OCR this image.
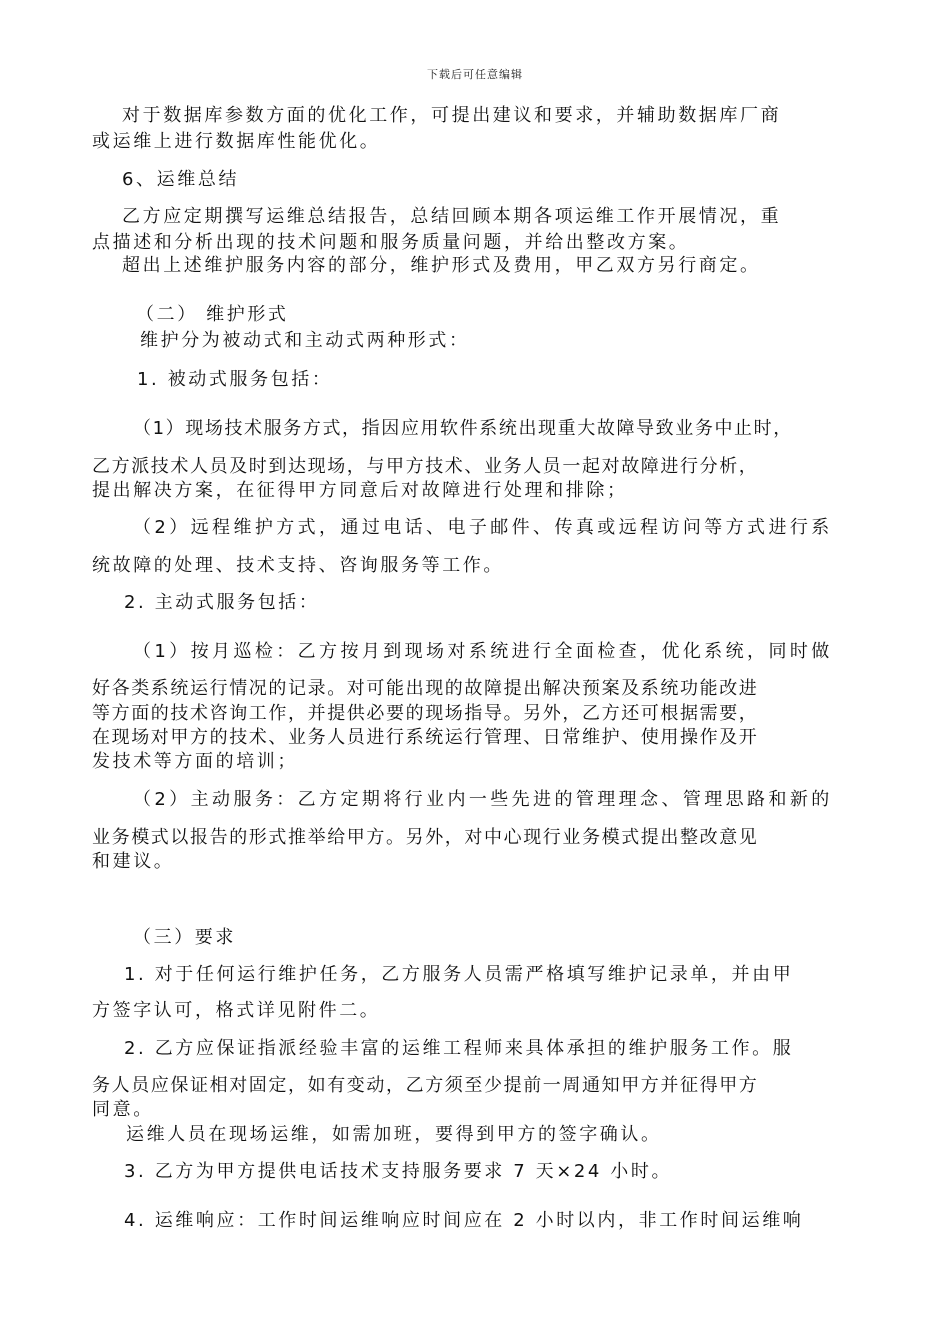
下载后可任意编辑
对于数据库参数方面的优化工作，可提出建议和要求，并辅助数据库厂商
或运维上进行数据库性能优化。
6、运维总结
乙方应定期撰写运维总结报告，总结回顾本期各项运维工作开展情况，重
点描述和分析出现的技术问题和服务质量问题，并给出整改方案。
超出上述维护服务内容的部分，维护形式及费用，甲乙双方另行商定。
（二） 维护形式
维护分为被动式和主动式两种形式：
1. 被动式服务包括：
（1）现场技术服务方式，指因应用软件系统出现重大故障导致业务中止时，
乙方派技术人员及时到达现场，与甲方技术、业务人员一起对故障进行分析，
提出解决方案，在征得甲方同意后对故障进行处理和排除；
（2）远程维护方式，通过电话、电子邮件、传真或远程访问等方式进行系
统故障的处理、技术支持、咨询服务等工作。
2. 主动式服务包括：
（1）按月巡检：乙方按月到现场对系统进行全面检查，优化系统，同时做
好各类系统运行情况的记录。对可能出现的故障提出解决预案及系统功能改进
等方面的技术咨询工作，并提供必要的现场指导。另外，乙方还可根据需要，
在现场对甲方的技术、业务人员进行系统运行管理、日常维护、使用操作及开
发技术等方面的培训；
（2）主动服务：乙方定期将行业内一些先进的管理理念、管理思路和新的
业务模式以报告的形式推举给甲方。另外，对中心现行业务模式提出整改意见
和建议。
（三）要求
1. 对于任何运行维护任务，乙方服务人员需严格填写维护记录单，并由甲
方签字认可，格式详见附件二。
2. 乙方应保证指派经验丰富的运维工程师来具体承担的维护服务工作。服
务人员应保证相对固定，如有变动，乙方须至少提前一周通知甲方并征得甲方
同意。
运维人员在现场运维，如需加班，要得到甲方的签字确认。
3. 乙方为甲方提供电话技术支持服务要求 7 天×24 小时。
4. 运维响应：工作时间运维响应时间应在 2 小时以内，非工作时间运维响
